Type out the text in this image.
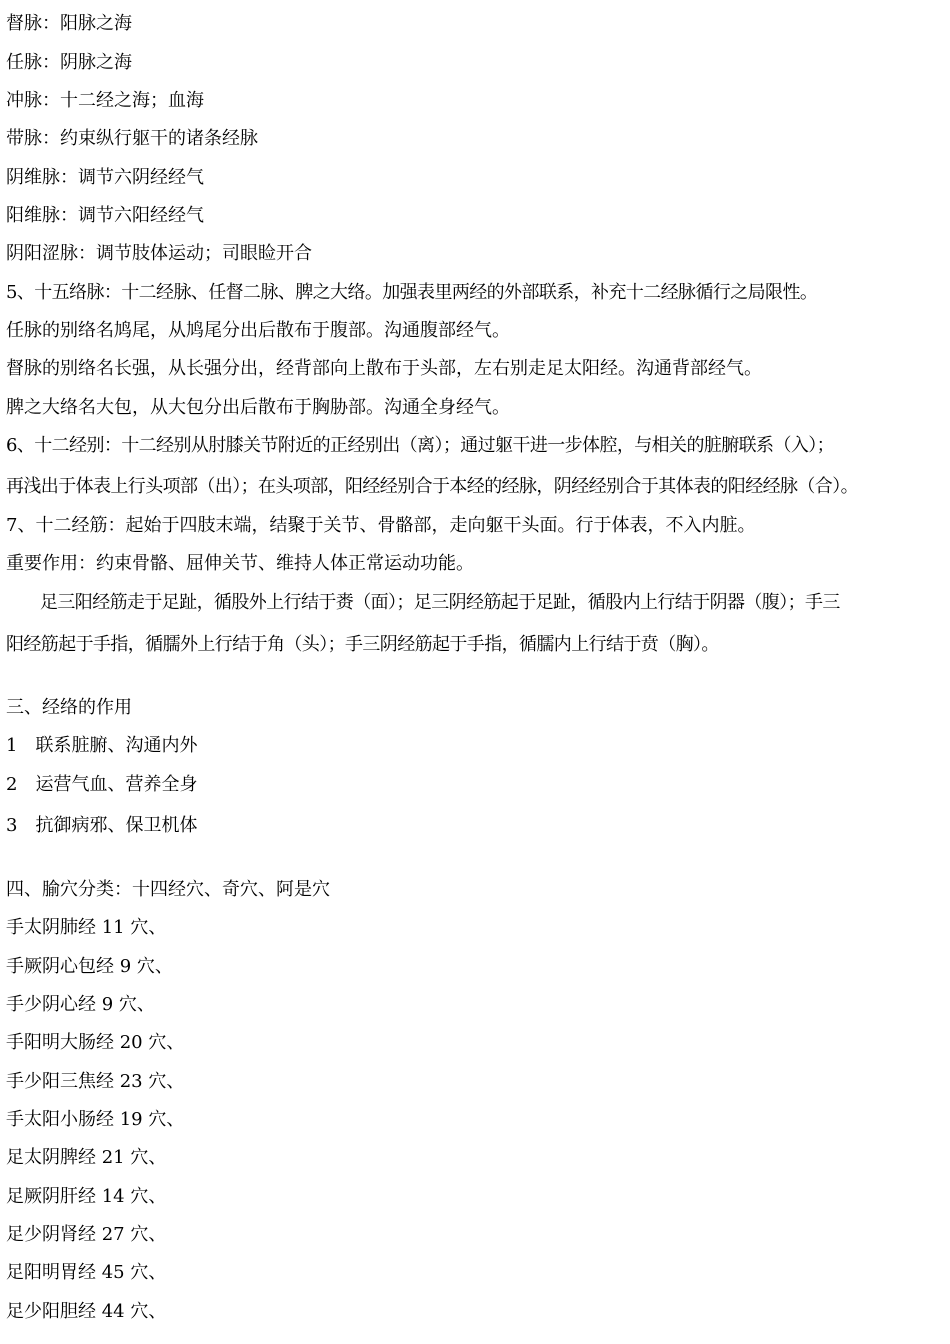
督脉：阳脉之海
任脉：阴脉之海
冲脉：十二经之海；血海
带脉：约束纵行躯干的诸条经脉
阴维脉：调节六阴经经气
阳维脉：调节六阳经经气
阴阳涩脉：调节肢体运动；司眼睑开合
5、十五络脉：十二经脉、任督二脉、脾之大络。加强表里两经的外部联系，补充十二经脉循行之局限性。
任脉的别络名鸠尾，从鸠尾分出后散布于腹部。沟通腹部经气。
督脉的别络名长强，从长强分出，经背部向上散布于头部，左右别走足太阳经。沟通背部经气。
脾之大络名大包，从大包分出后散布于胸胁部。沟通全身经气。
6、十二经别：十二经别从肘膝关节附近的正经别出（离）；通过躯干进一步体腔，与相关的脏腑联系（入）；
再浅出于体表上行头项部（出）；在头项部，阳经经别合于本经的经脉，阴经经别合于其体表的阳经经脉（合）。
7、十二经筋：起始于四肢末端，结聚于关节、骨骼部，走向躯干头面。行于体表，不入内脏。
重要作用：约束骨骼、屈伸关节、维持人体正常运动功能。
足三阳经筋走于足趾，循股外上行结于赉（面）；足三阴经筋起于足趾，循股内上行结于阴器（腹）；手三
阳经筋起于手指，循臑外上行结于角（头）；手三阴经筋起于手指，循臑内上行结于贲（胸）。
三、经络的作用
1　联系脏腑、沟通内外
2　运营气血、营养全身
3　抗御病邪、保卫机体
四、腧穴分类：十四经穴、奇穴、阿是穴
手太阴肺经 11 穴、
手厥阴心包经 9 穴、
手少阴心经 9 穴、
手阳明大肠经 20 穴、
手少阳三焦经 23 穴、
手太阳小肠经 19 穴、
足太阴脾经 21 穴、
足厥阴肝经 14 穴、
足少阴肾经 27 穴、
足阳明胃经 45 穴、
足少阳胆经 44 穴、
